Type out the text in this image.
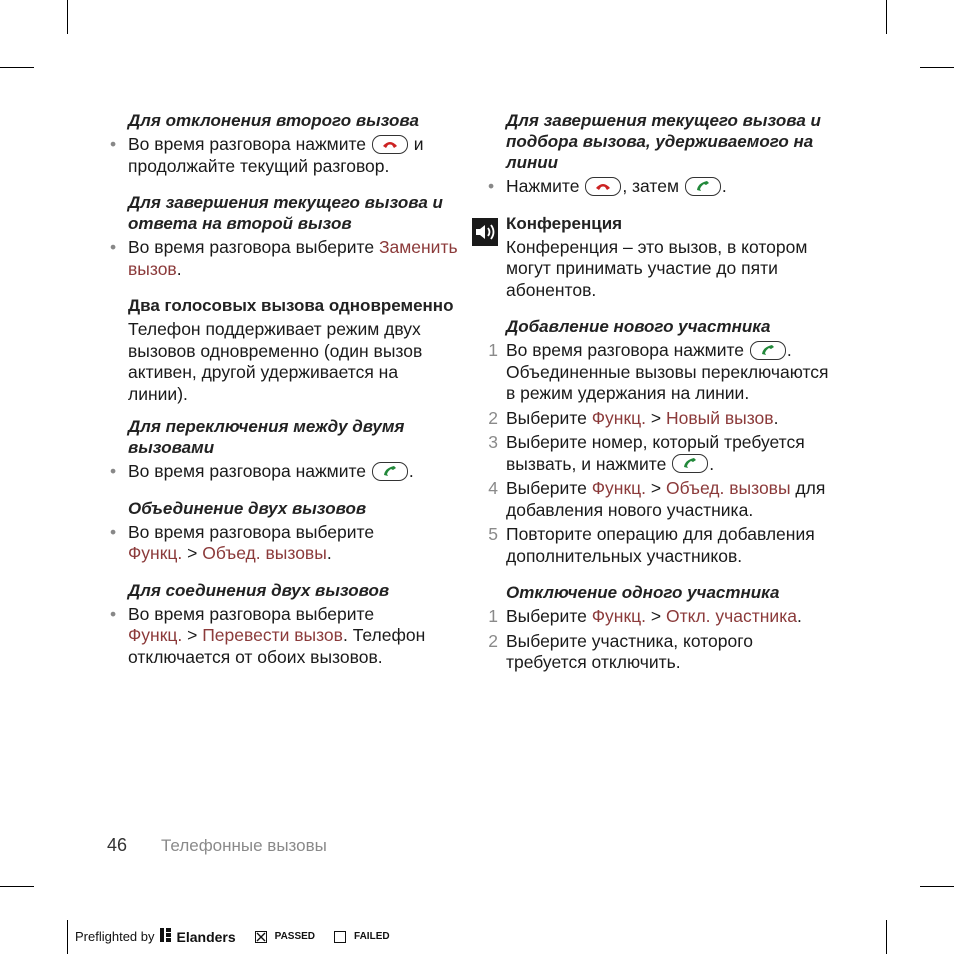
Для отклонения второго вызова
• Во время разговора нажмите	и продолжайте текущий разговор.
Для завершения текущего вызова и ответа на второй вызов
• Во время разговора выберите Заменить вызов.
Два голосовых вызова одновременно
Телефон поддерживает режим двух вызовов одновременно (один вызов активен, другой удерживается на линии).
Для переключения между двумя вызовами
• Во время разговора нажмите .
Объединение двух вызовов
• Во время разговора выберите
Функц. > Объед. вызовы.
Для соединения двух вызовов
• Во время разговора выберите
Функц. > Перевести вызов. Телефон отключается от обоих вызовов.
Для завершения текущего вызова и подбора вызова, удерживаемого на линии
• Нажмите , затем .
Конференция
Конференция – это вызов, в котором могут принимать участие до пяти абонентов.
Добавление нового участника
1 Во время разговора нажмите . Объединенные вызовы переключаются в режим удержания на линии.
2 Выберите Функц. > Новый вызов.
3 Выберите номер, который требуется вызвать, и нажмите .
4 Выберите Функц. > Объед. вызовы для добавления нового участника.
5 Повторите операцию для добавления дополнительных участников.
Отключение одного участника
1 Выберите Функц. > Откл. участника.
2 Выберите участника, которого требуется отключить.
46 Телефонные вызовы
Preflighted by Elanders	PASSED	FAILED
